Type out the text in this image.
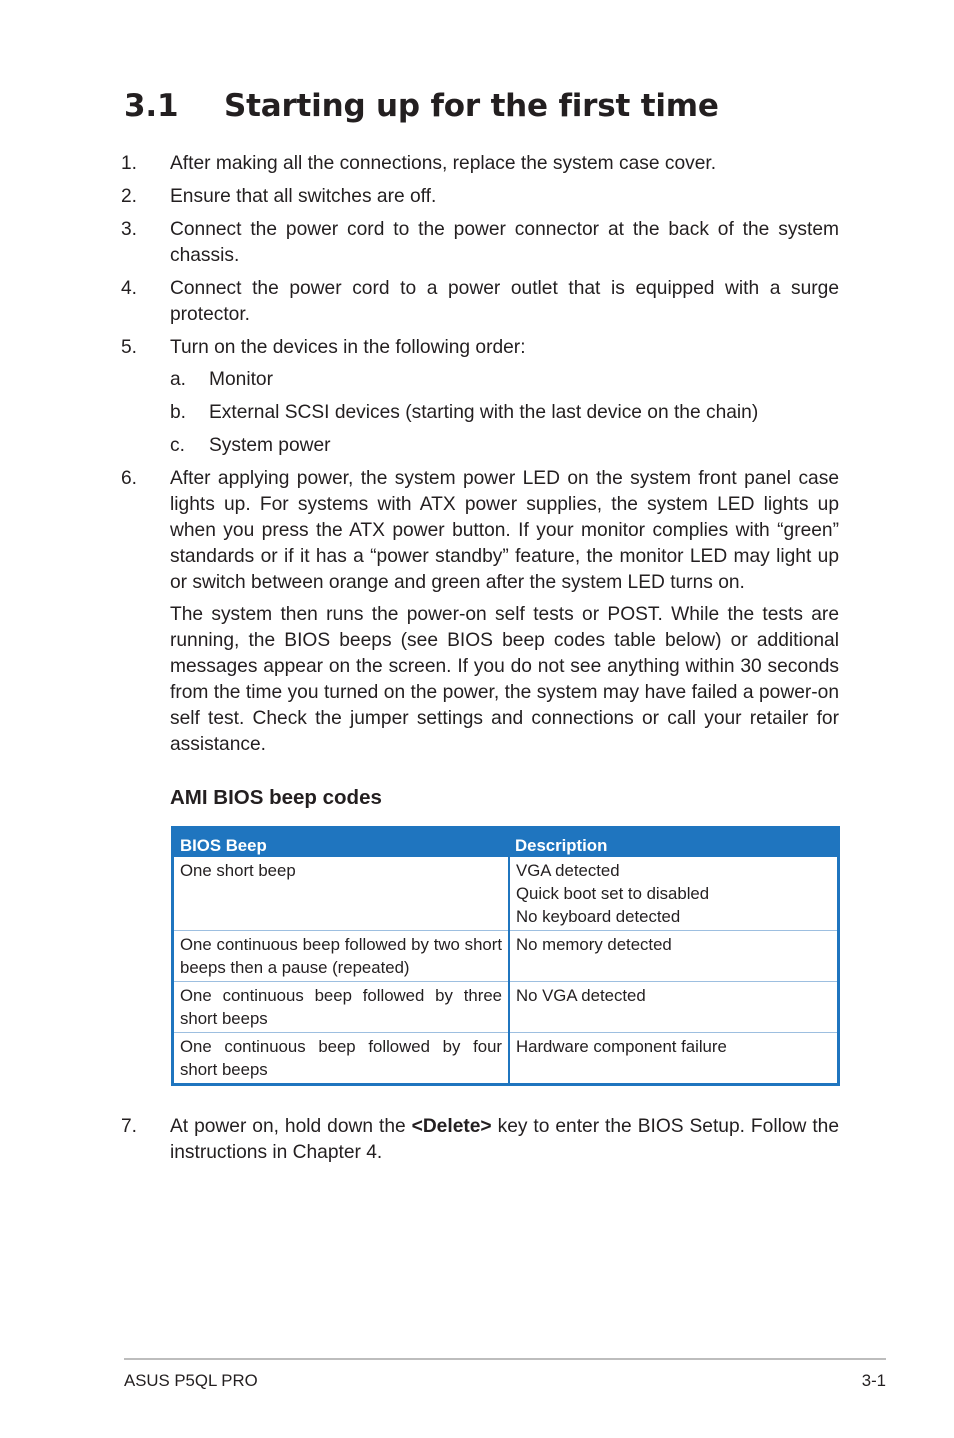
3.1 Starting up for the first time
1. After making all the connections, replace the system case cover.
2. Ensure that all switches are off.
3. Connect the power cord to the power connector at the back of the system chassis.
4. Connect the power cord to a power outlet that is equipped with a surge protector.
5. Turn on the devices in the following order:
a. Monitor
b. External SCSI devices (starting with the last device on the chain)
c. System power
6. After applying power, the system power LED on the system front panel case lights up. For systems with ATX power supplies, the system LED lights up when you press the ATX power button. If your monitor complies with “green” standards or if it has a “power standby” feature, the monitor LED may light up or switch between orange and green after the system LED turns on.
The system then runs the power-on self tests or POST. While the tests are running, the BIOS beeps (see BIOS beep codes table below) or additional messages appear on the screen. If you do not see anything within 30 seconds from the time you turned on the power, the system may have failed a power-on self test. Check the jumper settings and connections or call your retailer for assistance.
AMI BIOS beep codes
BIOS Beep	Description
One short beep	VGA detected
Quick boot set to disabled
No keyboard detected

One continuous beep followed by two short beeps then a pause (repeated)	No memory detected

One continuous beep followed by three short beeps	No VGA detected

One continuous beep followed by four short beeps	Hardware component failure
7. At power on, hold down the <Delete> key to enter the BIOS Setup. Follow the instructions in Chapter 4.
ASUS P5QL PRO	3-1
